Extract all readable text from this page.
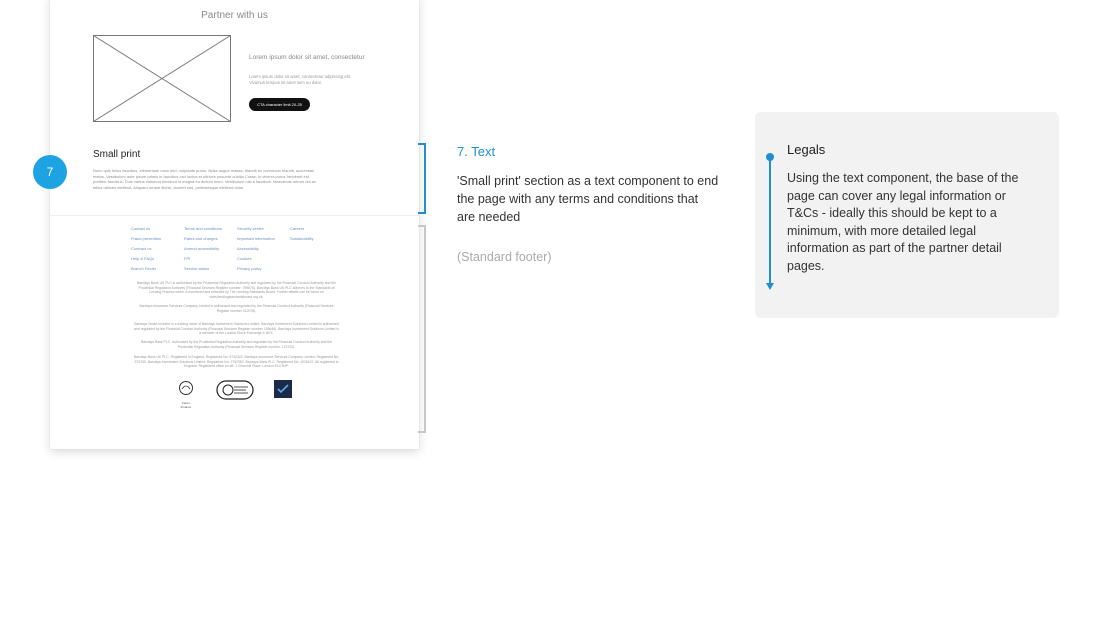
Partner with us
Lorem ipsum dolor sit amet, consectetur
Lorem ipsum dolor sit amet, consectetur adipiscing elit. Vivamus tempus sit amet sem eu dolor.
CTA character limit 20-25
Small print
Nunc quis tellus faucibus, elementum nunc sed, vulputate purus. Nulla augue massa, blandit eu commodo blandit, accumsan metus. Vestibulum ante ipsum primis in faucibus orci luctus et ultrices posuere cubilia Curae; In viverra purus hendrerit est porttitor faucibus. Duis varius euismod tincidunt id magna eu dictum enim. Vestibulum nisl a faucibus. Maecenas rutrum dui ac tellus ultrices eleifend. Aliquam ornare libero, laoreet sed, pellentesque eleifend dolor.
Contact us	Terms and conditions	Security centre	Careers
Fraud prevention	Rates and charges	Important information	Sustainability
Contract us	Amend accessibility	Accessibility
Help & FAQs	FPI	Cookies
Branch Finder	Service status	Privacy policy
Barclays Bank UK PLC is authorised by the Prudential Regulation Authority and regulated by the Financial Conduct Authority and the Prudential Regulation Authority (Financial Services Register number: 759676). Barclays Bank UK PLC adheres to the Standards of Lending Practice which is monitored and enforced by The Lending Standards Board. Further details can be found on www.lendingstandardsboard.org.uk.
Barclays Insurance Services Company Limited is authorised and regulated by the Financial Conduct Authority (Financial Services Register number 312078).
Barclays Smart Investor is a trading name of Barclays Investment Solutions Limited. Barclays Investment Solutions Limited is authorised and regulated by the Financial Conduct Authority (Financial Services Register number 155646). Barclays Investment Solutions Limited is a member of the London Stock Exchange & NEX.
Barclays Bank PLC. Authorised by the Prudential Regulation Authority and regulated by the Financial Conduct Authority and the Prudential Regulation Authority (Financial Services Register number: 122702).
Barclays Bank UK PLC. Registered in England. Registered No: 9740322. Barclays Insurance Services Company Limited. Registered No: 973765. Barclays Investment Solutions Limited. Registered No: 2752982. Barclays Bank PLC. Registered No: 1026167. All registered in England. Registered office for all: 1 Churchill Place, London E14 5HP.
Fairer Finance
7
7. Text
'Small print' section as a text component to end the page with any terms and conditions that are needed
(Standard footer)
Legals
Using the text component, the base of the page can cover any legal information or T&Cs - ideally this should be kept to a minimum, with more detailed legal information as part of the partner detail pages.
